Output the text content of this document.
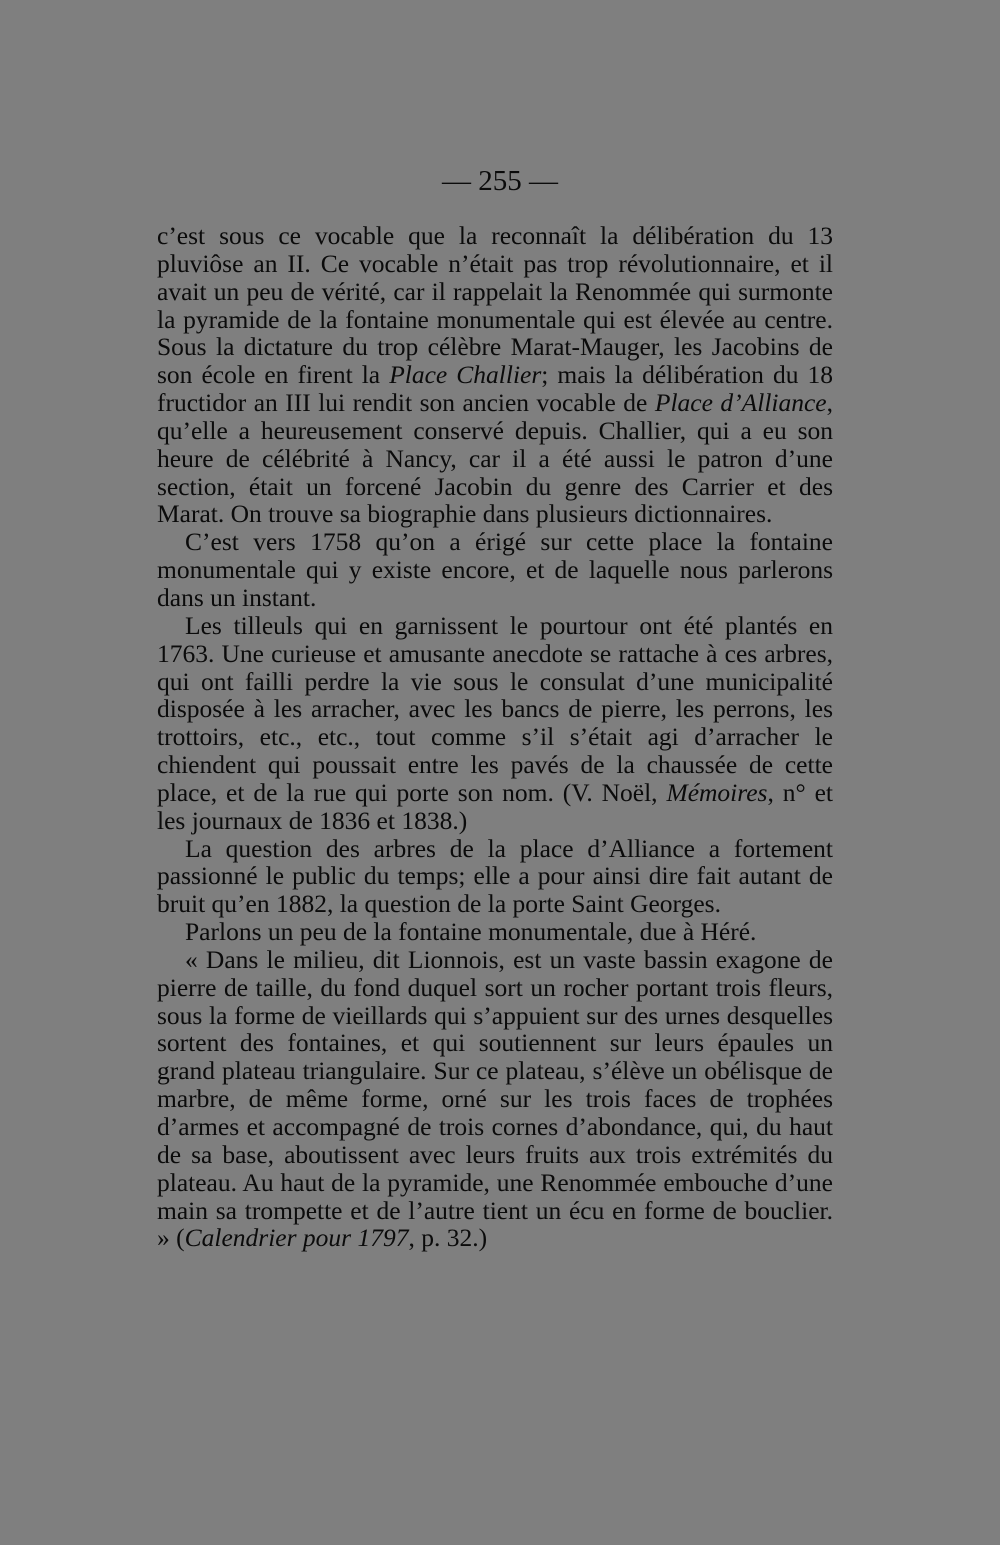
— 255 —

c’est sous ce vocable que la reconnaît la délibération du 13 pluviôse an II. Ce vocable n’était pas trop révolutionnaire, et il avait un peu de vérité, car il rappelait la Renommée qui surmonte la pyramide de la fontaine monumentale qui est élevée au centre. Sous la dictature du trop célèbre Marat-Mauger, les Jacobins de son école en firent la Place Challier; mais la délibération du 18 fructidor an III lui rendit son ancien vocable de Place d’Alliance, qu’elle a heureusement conservé depuis. Challier, qui a eu son heure de célébrité à Nancy, car il a été aussi le patron d’une section, était un forcené Jacobin du genre des Carrier et des Marat. On trouve sa biographie dans plusieurs dictionnaires.

C’est vers 1758 qu’on a érigé sur cette place la fontaine monumentale qui y existe encore, et de laquelle nous parlerons dans un instant.

Les tilleuls qui en garnissent le pourtour ont été plantés en 1763. Une curieuse et amusante anecdote se rattache à ces arbres, qui ont failli perdre la vie sous le consulat d’une municipalité disposée à les arracher, avec les bancs de pierre, les perrons, les trottoirs, etc., etc., tout comme s’il s’était agi d’arracher le chiendent qui poussait entre les pavés de la chaussée de cette place, et de la rue qui porte son nom. (V. Noël, Mémoires, n° et les journaux de 1836 et 1838.)

La question des arbres de la place d’Alliance a fortement passionné le public du temps; elle a pour ainsi dire fait autant de bruit qu’en 1882, la question de la porte Saint Georges.

Parlons un peu de la fontaine monumentale, due à Héré.

« Dans le milieu, dit Lionnois, est un vaste bassin exagone de pierre de taille, du fond duquel sort un rocher portant trois fleurs, sous la forme de vieillards qui s’appuient sur des urnes desquelles sortent des fontaines, et qui soutiennent sur leurs épaules un grand plateau triangulaire. Sur ce plateau, s’élève un obélisque de marbre, de même forme, orné sur les trois faces de trophées d’armes et accompagné de trois cornes d’abondance, qui, du haut de sa base, aboutissent avec leurs fruits aux trois extrémités du plateau. Au haut de la pyramide, une Renommée embouche d’une main sa trompette et de l’autre tient un écu en forme de bouclier. » (Calendrier pour 1797, p. 32.)
